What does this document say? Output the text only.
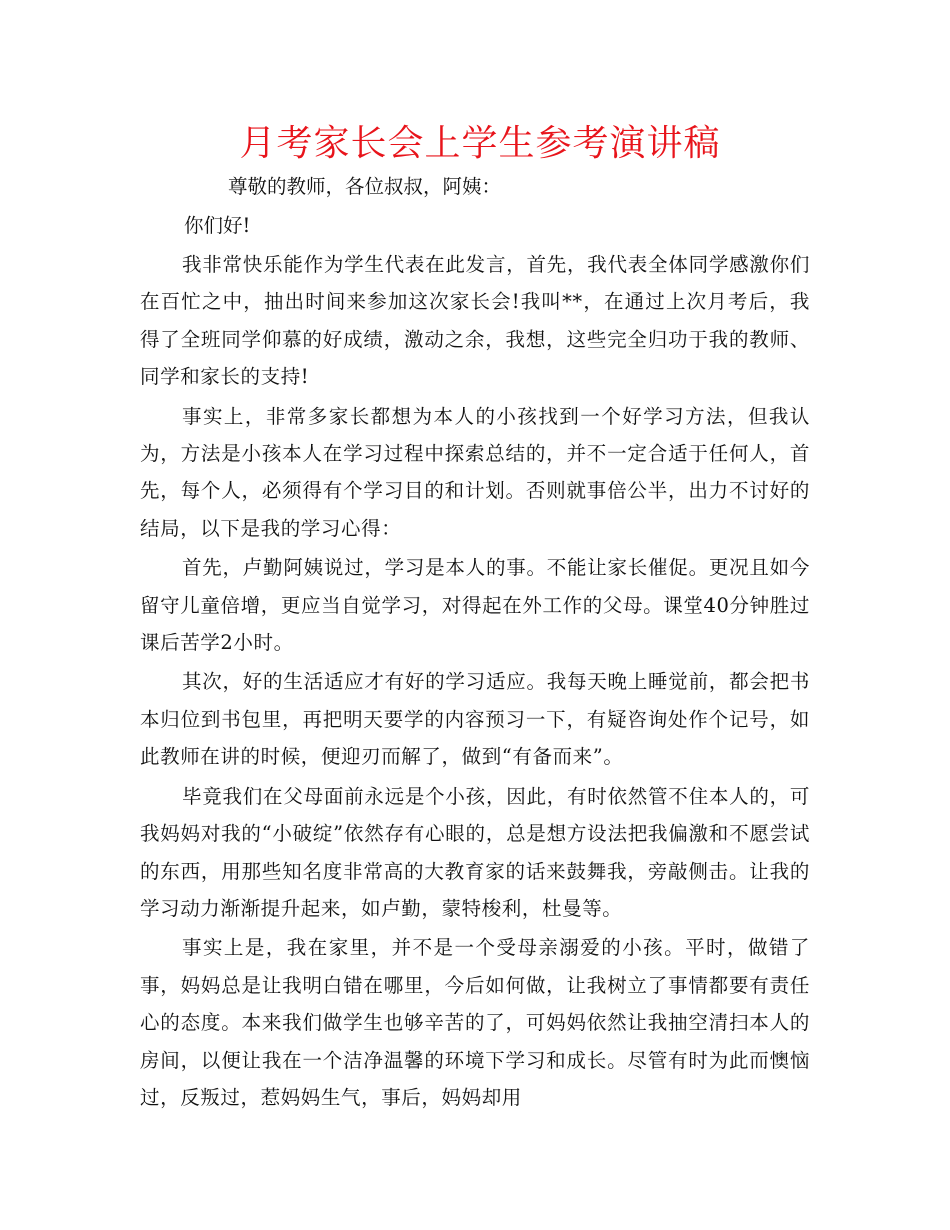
月考家长会上学生参考演讲稿

尊敬的教师，各位叔叔，阿姨：

你们好!

我非常快乐能作为学生代表在此发言，首先，我代表全体同学感激你们在百忙之中，抽出时间来参加这次家长会!我叫**，在通过上次月考后，我得了全班同学仰慕的好成绩，激动之余，我想，这些完全归功于我的教师、同学和家长的支持!

事实上，非常多家长都想为本人的小孩找到一个好学习方法，但我认为，方法是小孩本人在学习过程中探索总结的，并不一定合适于任何人，首先，每个人，必须得有个学习目的和计划。否则就事倍公半，出力不讨好的结局，以下是我的学习心得：

首先，卢勤阿姨说过，学习是本人的事。不能让家长催促。更况且如今留守儿童倍增，更应当自觉学习，对得起在外工作的父母。课堂40分钟胜过课后苦学2小时。

其次，好的生活适应才有好的学习适应。我每天晚上睡觉前，都会把书本归位到书包里，再把明天要学的内容预习一下，有疑咨询处作个记号，如此教师在讲的时候，便迎刃而解了，做到“有备而来”。

毕竟我们在父母面前永远是个小孩，因此，有时依然管不住本人的，可我妈妈对我的“小破绽”依然存有心眼的，总是想方设法把我偏激和不愿尝试的东西，用那些知名度非常高的大教育家的话来鼓舞我，旁敲侧击。让我的学习动力渐渐提升起来，如卢勤，蒙特梭利，杜曼等。

事实上是，我在家里，并不是一个受母亲溺爱的小孩。平时，做错了事，妈妈总是让我明白错在哪里，今后如何做，让我树立了事情都要有责任心的态度。本来我们做学生也够辛苦的了，可妈妈依然让我抽空清扫本人的房间，以便让我在一个洁净温馨的环境下学习和成长。尽管有时为此而懊恼过，反叛过，惹妈妈生气，事后，妈妈却用
